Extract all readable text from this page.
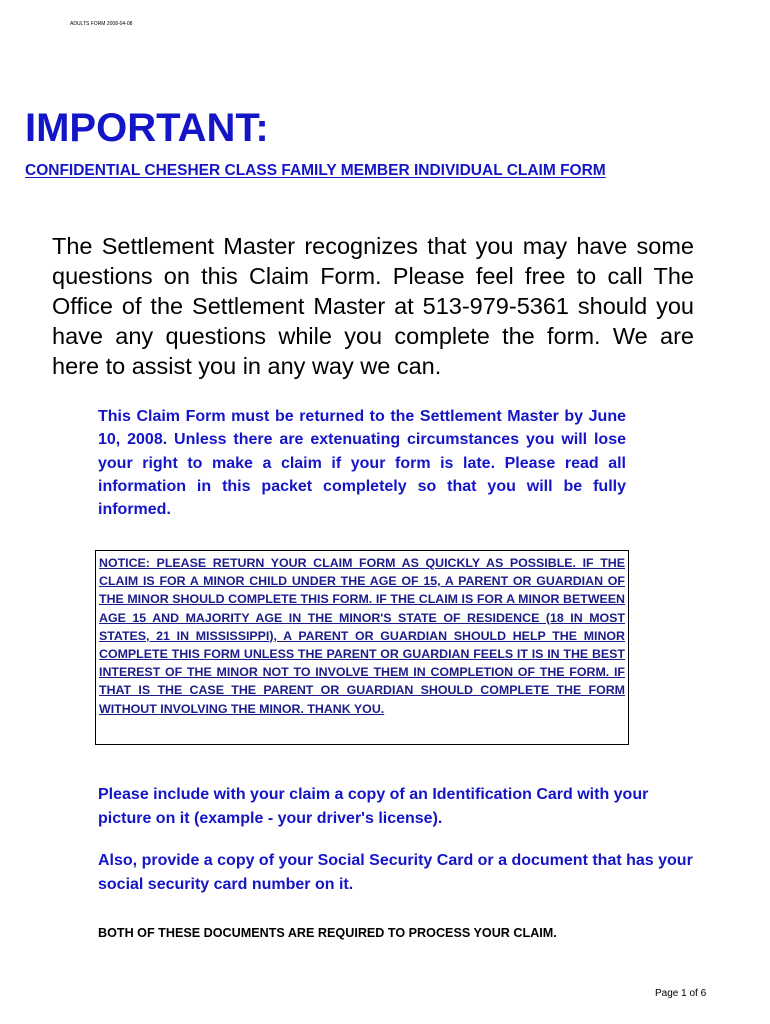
ADULTS FORM 2008-04-08
IMPORTANT:

CONFIDENTIAL CHESHER CLASS FAMILY MEMBER INDIVIDUAL CLAIM FORM

The Settlement Master recognizes that you may have some questions on this Claim Form. Please feel free to call The Office of the Settlement Master at 513-979-5361 should you have any questions while you complete the form. We are here to assist you in any way we can.

This Claim Form must be returned to the Settlement Master by June 10, 2008. Unless there are extenuating circumstances you will lose your right to make a claim if your form is late. Please read all information in this packet completely so that you will be fully informed.

NOTICE: PLEASE RETURN YOUR CLAIM FORM AS QUICKLY AS POSSIBLE. IF THE CLAIM IS FOR A MINOR CHILD UNDER THE AGE OF 15, A PARENT OR GUARDIAN OF THE MINOR SHOULD COMPLETE THIS FORM. IF THE CLAIM IS FOR A MINOR BETWEEN AGE 15 AND MAJORITY AGE IN THE MINOR'S STATE OF RESIDENCE (18 IN MOST STATES, 21 IN MISSISSIPPI), A PARENT OR GUARDIAN SHOULD HELP THE MINOR COMPLETE THIS FORM UNLESS THE PARENT OR GUARDIAN FEELS IT IS IN THE BEST INTEREST OF THE MINOR NOT TO INVOLVE THEM IN COMPLETION OF THE FORM. IF THAT IS THE CASE THE PARENT OR GUARDIAN SHOULD COMPLETE THE FORM WITHOUT INVOLVING THE MINOR. THANK YOU.

Please include with your claim a copy of an Identification Card with your picture on it (example - your driver's license).

Also, provide a copy of your Social Security Card or a document that has your social security card number on it.

BOTH OF THESE DOCUMENTS ARE REQUIRED TO PROCESS YOUR CLAIM.

Page 1 of 6
